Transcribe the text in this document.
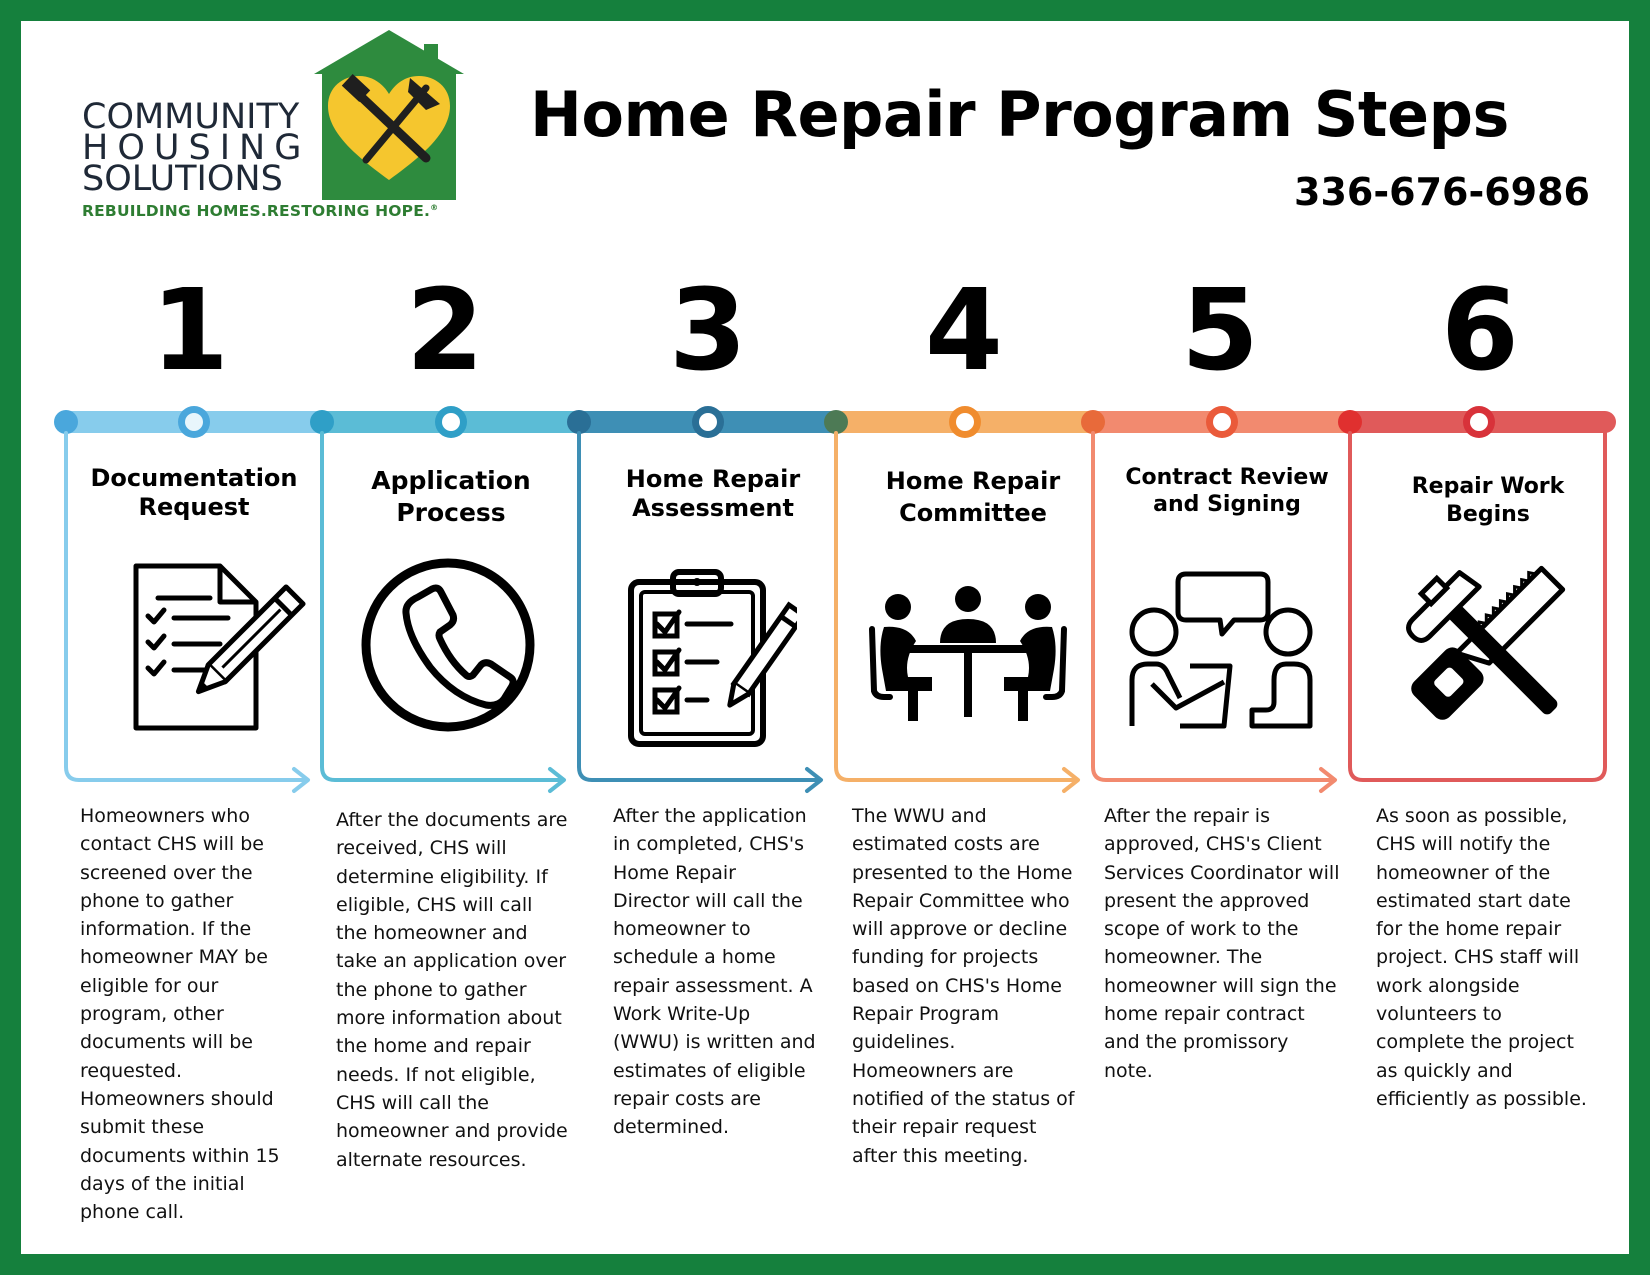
COMMUNITY
HOUSING
SOLUTIONS
REBUILDING HOMES.RESTORING HOPE.®
Home Repair Program Steps
336-676-6986
1 2 3 4 5 6
Documentation
Request
Application
Process
Home Repair
Assessment
Home Repair
Committee
Contract Review
and Signing
Repair Work
Begins
Homeowners who contact CHS will be screened over the phone to gather information. If the homeowner MAY be eligible for our program, other documents will be requested. Homeowners should submit these documents within 15 days of the initial phone call.
After the documents are received, CHS will determine eligibility. If eligible, CHS will call the homeowner and take an application over the phone to gather more information about the home and repair needs. If not eligible, CHS will call the homeowner and provide alternate resources.
After the application in completed, CHS's Home Repair Director will call the homeowner to schedule a home repair assessment. A Work Write-Up (WWU) is written and estimates of eligible repair costs are determined.
The WWU and estimated costs are presented to the Home Repair Committee who will approve or decline funding for projects based on CHS's Home Repair Program guidelines. Homeowners are notified of the status of their repair request after this meeting.
After the repair is approved, CHS's Client Services Coordinator will present the approved scope of work to the homeowner. The homeowner will sign the home repair contract and the promissory note.
As soon as possible, CHS will notify the homeowner of the estimated start date for the home repair project. CHS staff will work alongside volunteers to complete the project as quickly and efficiently as possible.
